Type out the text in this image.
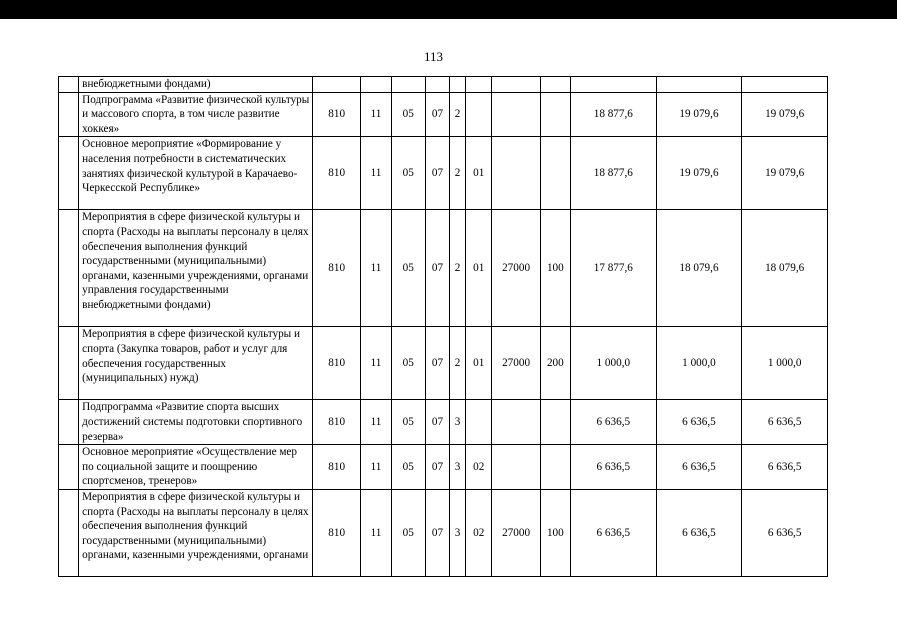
113
	внебюджетными фондами)											
	Подпрограмма «Развитие физической культуры и массового спорта, в том числе развитие хоккея»	810	11	05	07	2				18 877,6	19 079,6	19 079,6
	Основное мероприятие «Формирование у населения потребности в систематических занятиях физической культурой в Карачаево-Черкесской Республике»	810	11	05	07	2	01			18 877,6	19 079,6	19 079,6
	Мероприятия в сфере физической культуры и спорта (Расходы на выплаты персоналу в целях обеспечения выполнения функций государственными (муниципальными) органами, казенными учреждениями, органами управления государственными внебюджетными фондами)	810	11	05	07	2	01	27000	100	17 877,6	18 079,6	18 079,6
	Мероприятия в сфере физической культуры и спорта (Закупка товаров, работ и услуг для обеспечения государственных (муниципальных) нужд)	810	11	05	07	2	01	27000	200	1 000,0	1 000,0	1 000,0
	Подпрограмма «Развитие спорта высших достижений системы подготовки спортивного резерва»	810	11	05	07	3				6 636,5	6 636,5	6 636,5
	Основное мероприятие «Осуществление мер по социальной защите и поощрению спортсменов, тренеров»	810	11	05	07	3	02			6 636,5	6 636,5	6 636,5
	Мероприятия в сфере физической культуры и спорта (Расходы на выплаты персоналу в целях обеспечения выполнения функций государственными (муниципальными) органами, казенными учреждениями, органами	810	11	05	07	3	02	27000	100	6 636,5	6 636,5	6 636,5
